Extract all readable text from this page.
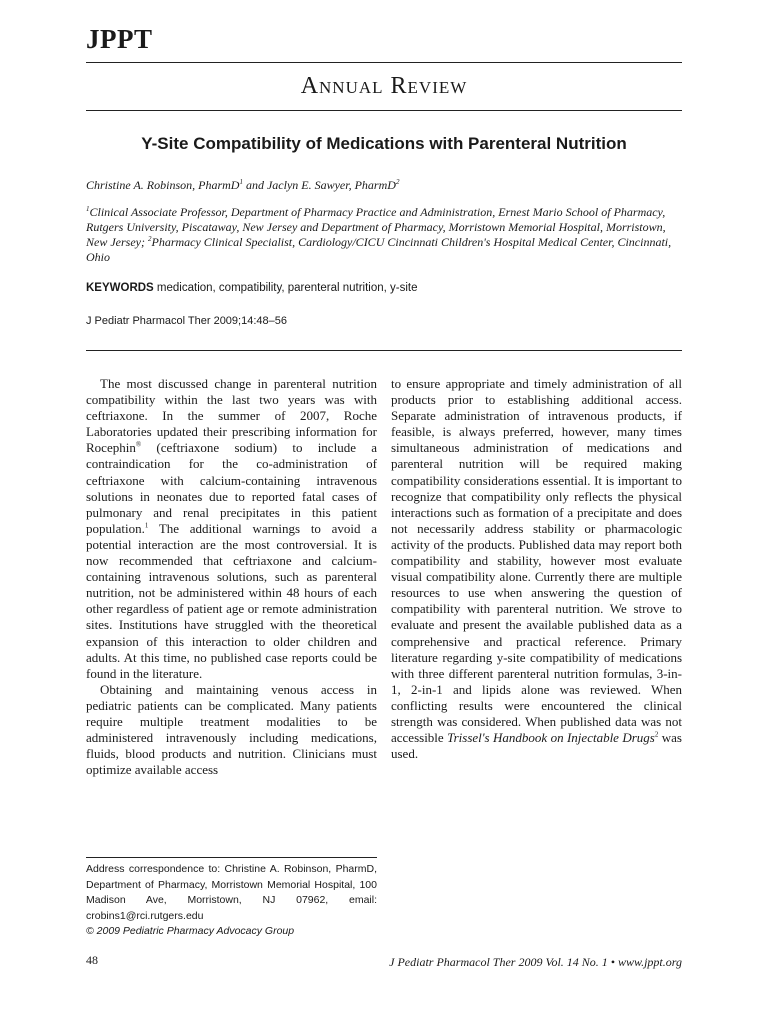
JPPT
Annual Review
Y-Site Compatibility of Medications with Parenteral Nutrition
Christine A. Robinson, PharmD$^1$ and Jaclyn E. Sawyer, PharmD$^2$
$^1$Clinical Associate Professor, Department of Pharmacy Practice and Administration, Ernest Mario School of Pharmacy, Rutgers University, Piscataway, New Jersey and Department of Pharmacy, Morristown Memorial Hospital, Morristown, New Jersey; $^2$Pharmacy Clinical Specialist, Cardiology/CICU Cincinnati Children's Hospital Medical Center, Cincinnati, Ohio
KEYWORDS medication, compatibility, parenteral nutrition, y-site
J Pediatr Pharmacol Ther 2009;14:48–56

The most discussed change in parenteral nutrition compatibility within the last two years was with ceftriaxone. In the summer of 2007, Roche Laboratories updated their prescribing information for Rocephin® (ceftriaxone sodium) to include a contraindication for the co-administration of ceftriaxone with calcium-containing intravenous solutions in neonates due to reported fatal cases of pulmonary and renal precipitates in this patient population.$^1$ The additional warnings to avoid a potential interaction are the most controversial. It is now recommended that ceftriaxone and calcium-containing intravenous solutions, such as parenteral nutrition, not be administered within 48 hours of each other regardless of patient age or remote administration sites. Institutions have struggled with the theoretical expansion of this interaction to older children and adults. At this time, no published case reports could be found in the literature.

Obtaining and maintaining venous access in pediatric patients can be complicated. Many patients require multiple treatment modalities to be administered intravenously including medications, fluids, blood products and nutrition. Clinicians must optimize available access

to ensure appropriate and timely administration of all products prior to establishing additional access. Separate administration of intravenous products, if feasible, is always preferred, however, many times simultaneous administration of medications and parenteral nutrition will be required making compatibility considerations essential. It is important to recognize that compatibility only reflects the physical interactions such as formation of a precipitate and does not necessarily address stability or pharmacologic activity of the products. Published data may report both compatibility and stability, however most evaluate visual compatibility alone. Currently there are multiple resources to use when answering the question of compatibility with parenteral nutrition. We strove to evaluate and present the available published data as a comprehensive and practical reference. Primary literature regarding y-site compatibility of medications with three different parenteral nutrition formulas, 3-in-1, 2-in-1 and lipids alone was reviewed. When conflicting results were encountered the clinical strength was considered. When published data was not accessible Trissel's Handbook on Injectable Drugs$^2$ was used.

Address correspondence to: Christine A. Robinson, PharmD, Department of Pharmacy, Morristown Memorial Hospital, 100 Madison Ave, Morristown, NJ 07962, email: crobins1@rci.rutgers.edu
© 2009 Pediatric Pharmacy Advocacy Group
48	J Pediatr Pharmacol Ther 2009 Vol. 14 No. 1 • www.jppt.org
